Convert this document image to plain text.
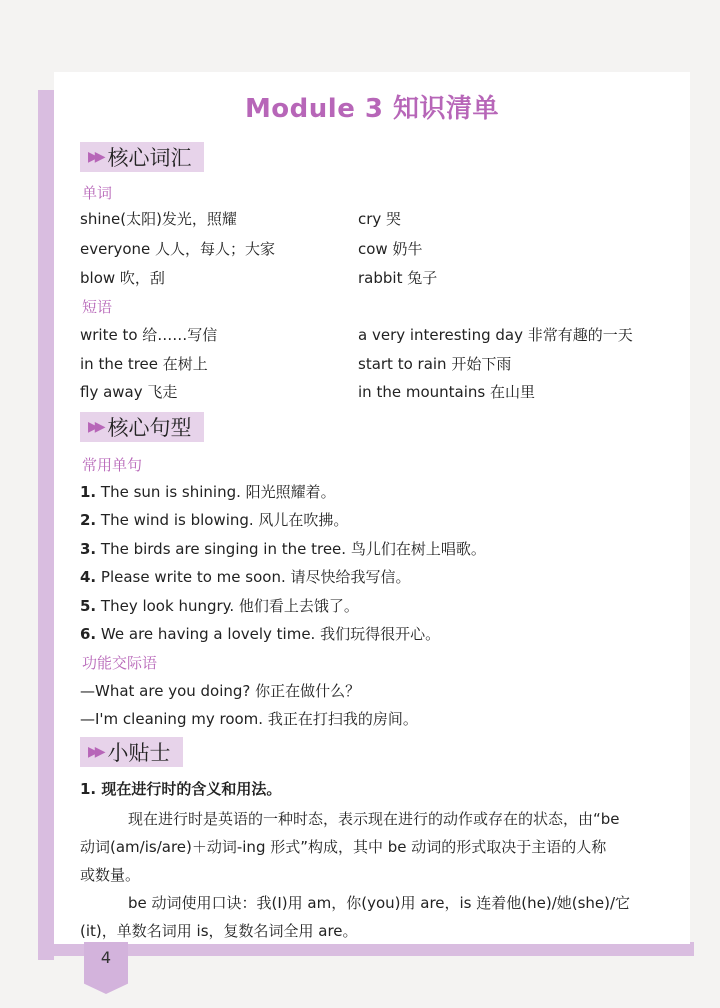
Module 3 知识清单
▶▶ 核心词汇
单词
shine(太阳)发光，照耀	cry 哭
everyone 人人，每人；大家	cow 奶牛
blow 吹，刮	rabbit 兔子
短语
write to 给……写信	a very interesting day 非常有趣的一天
in the tree 在树上	start to rain 开始下雨
fly away 飞走	in the mountains 在山里
▶▶ 核心句型
常用单句
1. The sun is shining. 阳光照耀着。
2. The wind is blowing. 风儿在吹拂。
3. The birds are singing in the tree. 鸟儿们在树上唱歌。
4. Please write to me soon. 请尽快给我写信。
5. They look hungry. 他们看上去饿了。
6. We are having a lovely time. 我们玩得很开心。
功能交际语
—What are you doing? 你正在做什么？
—I'm cleaning my room. 我正在打扫我的房间。
▶▶ 小贴士
1. 现在进行时的含义和用法。
现在进行时是英语的一种时态，表示现在进行的动作或存在的状态，由“be
动词(am/is/are)＋动词-ing 形式”构成，其中 be 动词的形式取决于主语的人称
或数量。
be 动词使用口诀：我(I)用 am，你(you)用 are，is 连着他(he)/她(she)/它
(it)，单数名词用 is，复数名词全用 are。
4
